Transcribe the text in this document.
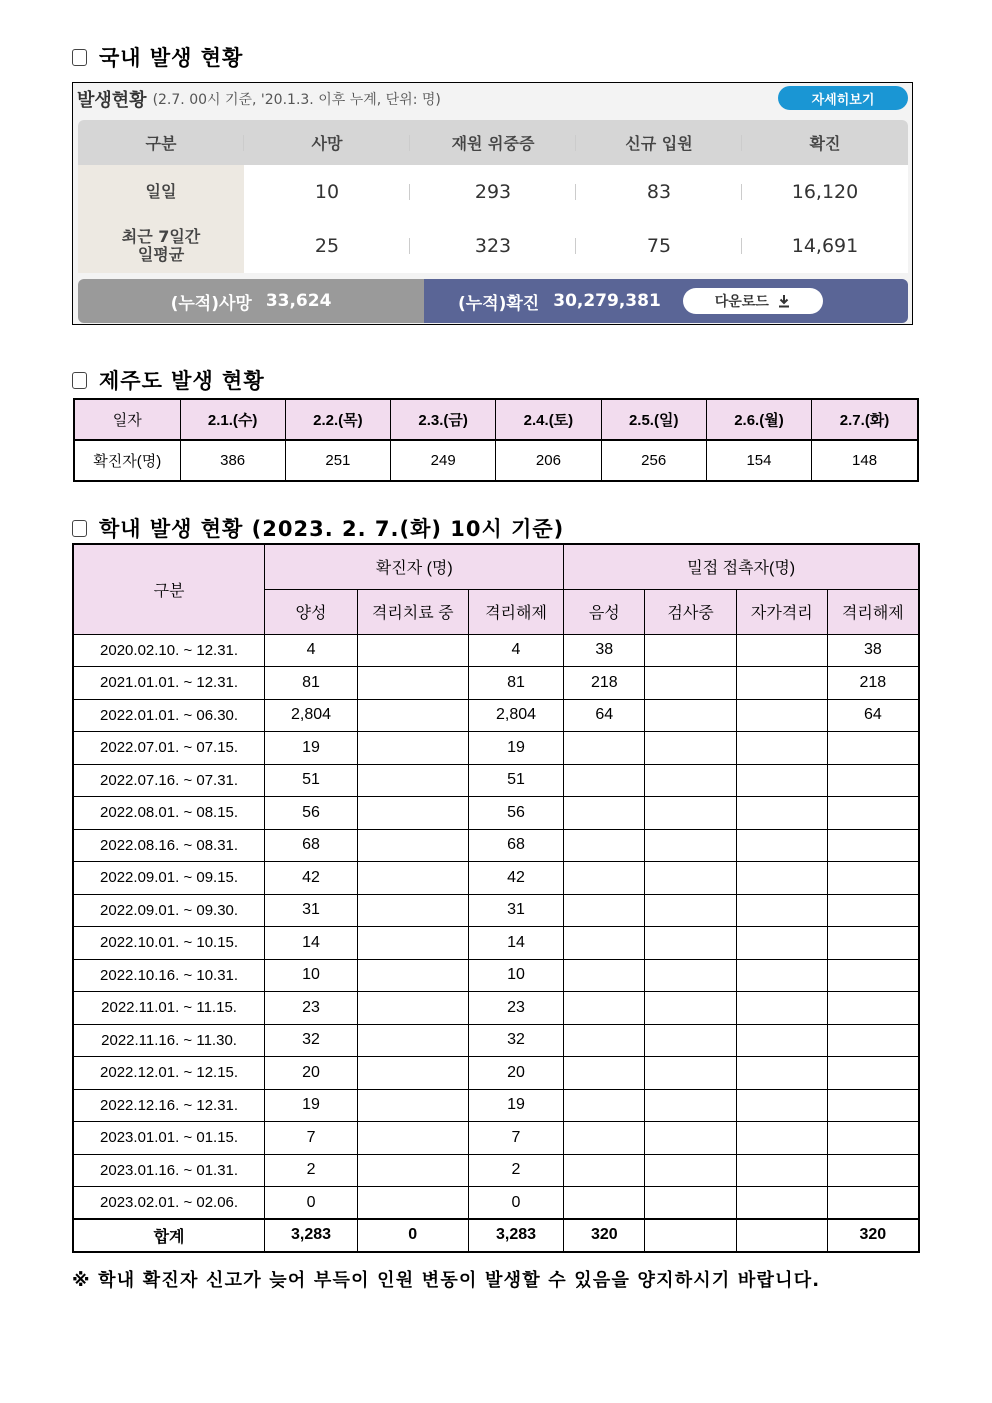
국내 발생 현황
발생현황 (2.7. 00시 기준, '20.1.3. 이후 누계, 단위: 명)	자세히보기
구분	사망	재원 위중증	신규 입원	확진
일일	10	293	83	16,120
최근 7일간
일평균	25	323	75	14,691
(누적)사망 33,624	(누적)확진 30,279,381	다운로드
제주도 발생 현황
일자	2.1.(수)	2.2.(목)	2.3.(금)	2.4.(토)	2.5.(일)	2.6.(월)	2.7.(화)
확진자(명)	386	251	249	206	256	154	148
학내 발생 현황 (2023. 2. 7.(화) 10시 기준)
구분	확진자 (명)			밀접 접촉자(명)			
	양성	격리치료 중	격리해제	음성	검사중	자가격리	격리해제
2020.02.10. ~ 12.31.	4		4	38			38
2021.01.01. ~ 12.31.	81		81	218			218
2022.01.01. ~ 06.30.	2,804		2,804	64			64
2022.07.01. ~ 07.15.	19		19				
2022.07.16. ~ 07.31.	51		51				
2022.08.01. ~ 08.15.	56		56				
2022.08.16. ~ 08.31.	68		68				
2022.09.01. ~ 09.15.	42		42				
2022.09.01. ~ 09.30.	31		31				
2022.10.01. ~ 10.15.	14		14				
2022.10.16. ~ 10.31.	10		10				
2022.11.01. ~ 11.15.	23		23				
2022.11.16. ~ 11.30.	32		32				
2022.12.01. ~ 12.15.	20		20				
2022.12.16. ~ 12.31.	19		19				
2023.01.01. ~ 01.15.	7		7				
2023.01.16. ~ 01.31.	2		2				
2023.02.01. ~ 02.06.	0		0				
합계	3,283	0	3,283	320			320
※ 학내 확진자 신고가 늦어 부득이 인원 변동이 발생할 수 있음을 양지하시기 바랍니다.
